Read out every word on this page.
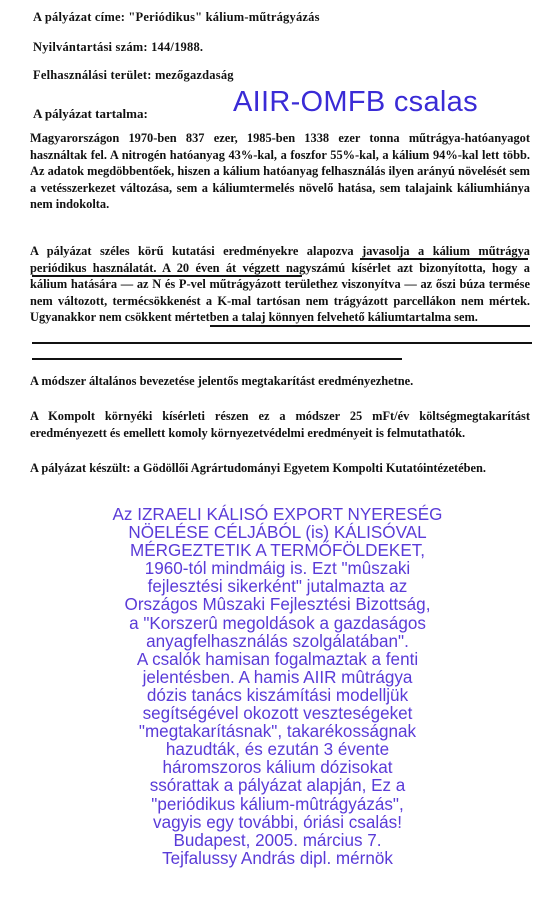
A pályázat címe: "Periódikus" kálium-műtrágyázás
Nyilvántartási szám: 144/1988.
Felhasználási terület: mezőgazdaság
A pályázat tartalma:	AIIR-OMFB csalas
Magyarországon 1970-ben 837 ezer, 1985-ben 1338 ezer tonna műtrágya-hatóanyagot használtak fel. A nitrogén hatóanyag 43%-kal, a foszfor 55%-kal, a kálium 94%-kal lett több. Az adatok megdöbbentőek, hiszen a kálium hatóanyag felhasználás ilyen arányú növelését sem a vetésszerkezet változása, sem a káliumtermelés növelő hatása, sem talajaink káliumhiánya nem indokolta.
A pályázat széles körű kutatási eredményekre alapozva javasolja a kálium műtrágya periódikus használatát. A 20 éven át végzett nagyszámú kísérlet azt bizonyította, hogy a kálium hatására — az N és P-vel műtrágyázott területhez viszonyítva — az őszi búza termése nem változott, termécsökkenést a K-mal tartósan nem trágyázott parcellákon nem mértek. Ugyanakkor nem csökkent mértetben a talaj könnyen felvehető káliumtartalma sem.
A módszer általános bevezetése jelentős megtakarítást eredményezhetne.
A Kompolt környéki kísérleti részen ez a módszer 25 mFt/év költségmegtakarítást eredményezett és emellett komoly környezetvédelmi eredményeit is felmutathatók.
A pályázat készült: a Gödöllői Agrártudományi Egyetem Kompolti Kutatóintézetében.
Az IZRAELI KÁLISÓ EXPORT NYERESÉG
NÖELÉSE CÉLJÁBÓL (is) KÁLISÓVAL
MÉRGEZTETIK A TERMŐFÖLDEKET,
1960-tól mindmáig is. Ezt "mûszaki
fejlesztési sikerként" jutalmazta az
Országos Mûszaki Fejlesztési Bizottság,
a "Korszerû megoldások a gazdaságos
anyagfelhasználás szolgálatában".
A csalók hamisan fogalmaztak a fenti
jelentésben. A hamis AIIR mûtrágya
dózis tanács kiszámítási modelljük
segítségével okozott veszteségeket
"megtakarításnak", takarékosságnak
hazudták, és ezután 3 évente
háromszoros kálium dózisokat
ssórattak a pályázat alapján, Ez a
"periódikus kálium-mûtrágyázás",
vagyis egy további, óriási csalás!
Budapest, 2005. március 7.
Tejfalussy András dipl. mérnök
